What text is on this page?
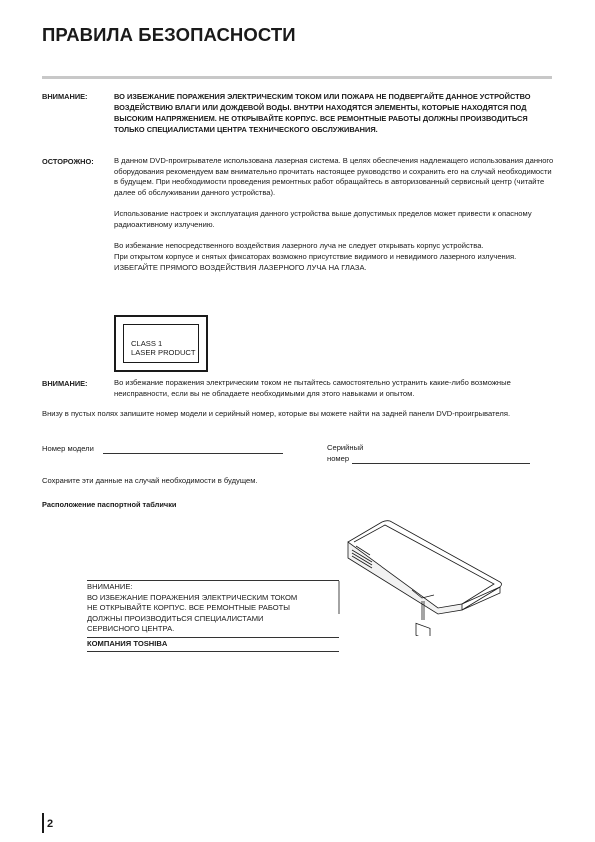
ПРАВИЛА БЕЗОПАСНОСТИ
ВНИМАНИЕ:	ВО ИЗБЕЖАНИЕ ПОРАЖЕНИЯ ЭЛЕКТРИЧЕСКИМ ТОКОМ ИЛИ ПОЖАРА НЕ ПОДВЕРГАЙТЕ ДАННОЕ УСТРОЙСТВО ВОЗДЕЙСТВИЮ ВЛАГИ ИЛИ ДОЖДЕВОЙ ВОДЫ. ВНУТРИ НАХОДЯТСЯ ЭЛЕМЕНТЫ, КОТОРЫЕ НАХОДЯТСЯ ПОД ВЫСОКИМ НАПРЯЖЕНИЕМ. НЕ ОТКРЫВАЙТЕ КОРПУС. ВСЕ РЕМОНТНЫЕ РАБОТЫ ДОЛЖНЫ ПРОИЗВОДИТЬСЯ ТОЛЬКО СПЕЦИАЛИСТАМИ ЦЕНТРА ТЕХНИЧЕСКОГО ОБСЛУЖИВАНИЯ.
ОСТОРОЖНО:	В данном DVD-проигрывателе использована лазерная система. В целях обеспечения надлежащего использования данного оборудования рекомендуем вам внимательно прочитать настоящее руководство и сохранить его на случай необходимости в будущем. При необходимости проведения ремонтных работ обращайтесь в авторизованный сервисный центр (читайте далее об обслуживании данного устройства).

Использование настроек и эксплуатация данного устройства выше допустимых пределов может привести к опасному радиоактивному излучению.

Во избежание непосредственного воздействия лазерного луча не следует открывать корпус устройства.

При открытом корпусе и снятых фиксаторах возможно присутствие видимого и невидимого лазерного излучения.

ИЗБЕГАЙТЕ ПРЯМОГО ВОЗДЕЙСТВИЯ ЛАЗЕРНОГО ЛУЧА НА ГЛАЗА.

CLASS 1
LASER PRODUCT
ВНИМАНИЕ:	Во избежание поражения электрическим током не пытайтесь самостоятельно устранить какие-либо возможные неисправности, если вы не обладаете необходимыми для этого навыками и опытом.
Внизу в пустых полях запишите номер модели и серийный номер, которые вы можете найти на задней панели DVD-проигрывателя.
Номер модели	Серийный
номер
Сохраните эти данные на случай необходимости в будущем.
Расположение паспортной таблички
ВНИМАНИЕ:
ВО ИЗБЕЖАНИЕ ПОРАЖЕНИЯ ЭЛЕКТРИЧЕСКИМ ТОКОМ
НЕ ОТКРЫВАЙТЕ КОРПУС. ВСЕ РЕМОНТНЫЕ РАБОТЫ
ДОЛЖНЫ ПРОИЗВОДИТЬСЯ СПЕЦИАЛИСТАМИ
СЕРВИСНОГО ЦЕНТРА.
КОМПАНИЯ TOSHIBA
2
